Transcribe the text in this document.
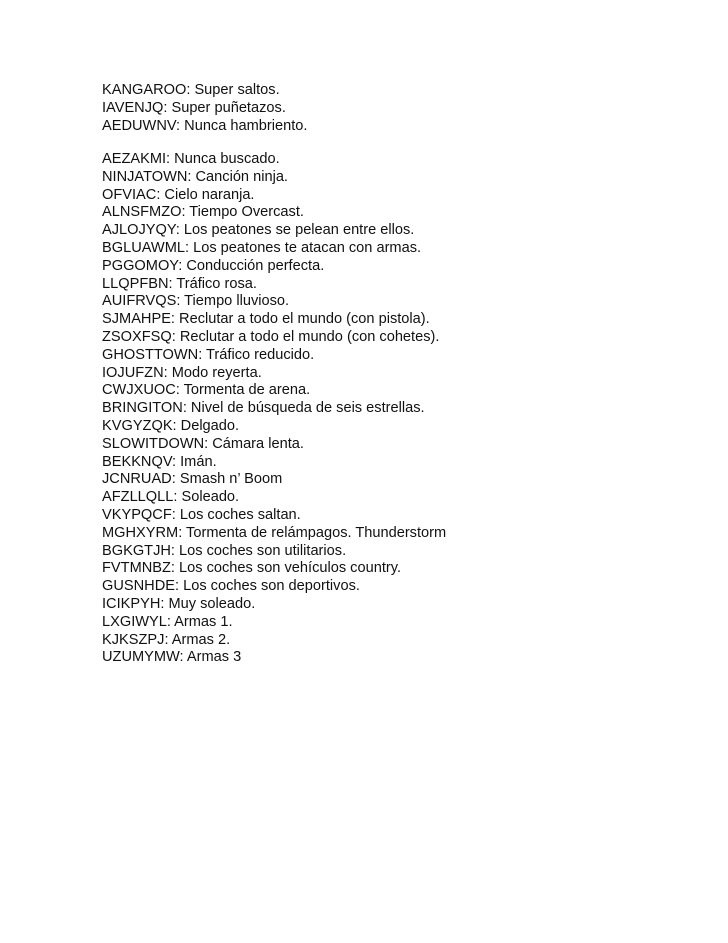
KANGAROO: Super saltos.
IAVENJQ: Super puñetazos.
AEDUWNV: Nunca hambriento.
AEZAKMI: Nunca buscado.
NINJATOWN: Canción ninja.
OFVIAC: Cielo naranja.
ALNSFMZO: Tiempo Overcast.
AJLOJYQY: Los peatones se pelean entre ellos.
BGLUAWML: Los peatones te atacan con armas.
PGGOMOY: Conducción perfecta.
LLQPFBN: Tráfico rosa.
AUIFRVQS: Tiempo lluvioso.
SJMAHPE: Reclutar a todo el mundo (con pistola).
ZSOXFSQ: Reclutar a todo el mundo (con cohetes).
GHOSTTOWN: Tráfico reducido.
IOJUFZN: Modo reyerta.
CWJXUOC: Tormenta de arena.
BRINGITON: Nivel de búsqueda de seis estrellas.
KVGYZQK: Delgado.
SLOWITDOWN: Cámara lenta.
BEKKNQV: Imán.
JCNRUAD: Smash n’ Boom
AFZLLQLL: Soleado.
VKYPQCF: Los coches saltan.
MGHXYRM: Tormenta de relámpagos. Thunderstorm
BGKGTJH: Los coches son utilitarios.
FVTMNBZ: Los coches son vehículos country.
GUSNHDE: Los coches son deportivos.
ICIKPYH: Muy soleado.
LXGIWYL: Armas 1.
KJKSZPJ: Armas 2.
UZUMYMW: Armas 3
